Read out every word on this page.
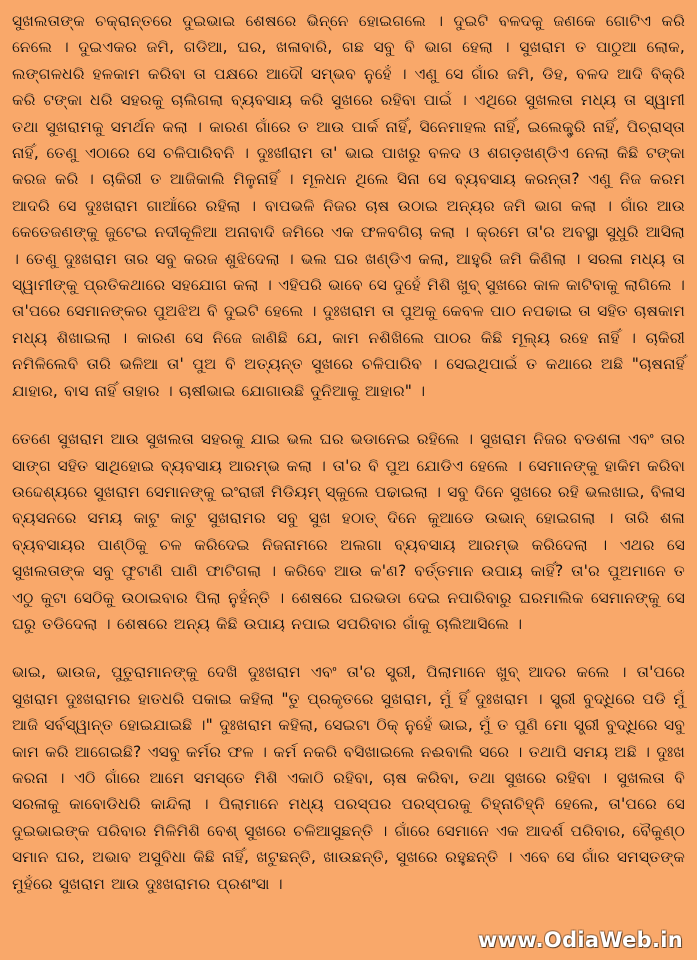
ସୁଖଲତାଙ୍କ ଚକ୍ରାନ୍ତରେ ଦୁଇଭାଇ ଶେଷରେ ଭିନ୍ନେ ହୋଇଗଲେ । ଦୁଇଟି ବଳଦକୁ ଜଣକେ ଗୋଟିଏ କରି ନେଲେ । ଦୁଇଏକର ଜମି, ଗଡିଆ, ଘର, ଖଳାବାରି, ଗଛ ସବୁ ବି ଭାଗ ହେଲା । ସୁଖରାମ ତ ପାଠୁଆ ଲୋକ, ଲଙ୍ଗଳଧରି ହଳକାମ କରିବା ତା ପକ୍ଷରେ ଆଦୌ ସମ୍ଭବ ନୁହେଁ । ଏଣୁ ସେ ଗାଁର ଜମି, ଡିହ, ବଳଦ ଆଦି ବିକ୍ରି କରି ଟଙ୍କା ଧରି ସହରକୁ ଚାଲିଗଲା ବ୍ୟବସାୟ କରି ସୁଖରେ ରହିବା ପାଇଁ । ଏଥିରେ ସୁଖଲତା ମଧ୍ୟ ତା ସ୍ୱାମୀ ତଥା ସୁଖରାମକୁ ସମର୍ଥନ କଲା । କାରଣ ଗାଁରେ ତ ଆଉ ପାର୍କ ନାହିଁ, ସିନେମାହଲ ନାହିଁ, ଇଲେକ୍ଟ୍ରି ନାହିଁ, ପିଚ୍‌ରାସ୍ତା ନାହିଁ, ତେଣୁ ଏଠାରେ ସେ ଚଳିପାରିବନି । ଦୁଃଖୀରାମ ତା' ଭାଇ ପାଖରୁ ବଳଦ ଓ ଶଗଡ଼ଖଣ୍ଡିଏ ନେଲା କିଛି ଟଙ୍କା କରଜ କରି । ଚାକିରୀ ତ ଆଜିକାଲି ମିଳୁନାହିଁ । ମୂଳଧନ ଥିଲେ ସିନା ସେ ବ୍ୟବସାୟ କରନ୍ତା? ଏଣୁ ନିଜ କରମ ଆଦରି ସେ ଦୁଃଖରାମ ଗାଆଁରେ ରହିଲା । ବାପଭଳି ନିଜର ଚାଷ ଉଠାଇ ଅନ୍ୟର ଜମି ଭାଗ କଲା । ଗାଁର ଆଉ କେତେଜଣଙ୍କୁ ଜୁଟେଇ ନଦୀକୂଳିଆ ଅନାବାଦି ଜମିରେ ଏକ ଫଳବଗିଚା କଲା । କ୍ରମେ ତା'ର ଅବସ୍ଥା ସୁଧୁରି ଆସିଲା । ତେଣୁ ଦୁଃଖରାମ ତାର ସବୁ କରଜ ଶୁଝିଦେଲା । ଭଲ ଘର ଖଣ୍ଡିଏ କଲା, ଆହୁରି ଜମି କିଣିଲା । ସରଳା ମଧ୍ୟ ତା ସ୍ୱାମୀଙ୍କୁ ପ୍ରତିକଥାରେ ସହଯୋଗ କଲା । ଏହିପରି ଭାବେ ସେ ଦୁହେଁ ମିଶି ଖୁବ୍ ସୁଖରେ କାଳ କାଟିବାକୁ ଲାଗିଲେ । ତା'ପରେ ସେମାନଙ୍କର ପୁଅଝିଅ ବି ଦୁଇଟି ହେଲେ । ଦୁଃଖରାମ ତା ପୁଅକୁ କେବଳ ପାଠ ନପଢାଇ ତା ସହିତ ଚାଷକାମ ମଧ୍ୟ ଶିଖାଇଲା । କାରଣ ସେ ନିଜେ ଜାଣିଛି ଯେ, କାମ ନଶିଖିଲେ ପାଠର କିଛି ମୂଲ୍ୟ ରହେ ନାହିଁ । ଚାକିରୀ ନମିଳିଲେବି ତାରି ଭଳିଆ ତା' ପୁଅ ବି ଅତ୍ୟନ୍ତ ସୁଖରେ ଚଳିପାରିବ । ସେଇଥିପାଇଁ ତ କଥାରେ ଅଛି "ଚାଷନାହିଁ ଯାହାର, ବାସ ନାହିଁ ତାହାର । ଚାଷୀଭାଇ ଯୋଗାଉଛି ଦୁନିଆକୁ ଆହାର" ।

ତେଣେ ସୁଖରାମ ଆଉ ସୁଖଲତା ସହରକୁ ଯାଇ ଭଲ ଘର ଭଡାନେଇ ରହିଲେ । ସୁଖରାମ ନିଜର ବଡଶଳା ଏବଂ ତାର ସାଙ୍ଗ ସହିତ ସାଥିହୋଇ ବ୍ୟବସାୟ ଆରମ୍ଭ କଲା । ତା'ର ବି ପୁଅ ଯୋଡିଏ ହେଲେ । ସେମାନଙ୍କୁ ହାକିମ କରିବା ଉଦ୍ଦେଶ୍ୟରେ ସୁଖରାମ ସେମାନଙ୍କୁ ଇଂରାଜୀ ମିଡିୟମ୍ ସ୍କୁଲେ ପଢାଇଲା । ସବୁ ଦିନେ ସୁଖରେ ରହି ଭଲଖାଇ, ବିଳାସ ବ୍ୟସନରେ ସମୟ କାଟୁ କାଟୁ ସୁଖରାମର ସବୁ ସୁଖ ହଠାତ୍ ଦିନେ କୁଆଡେ ଉଭାନ୍ ହୋଇଗଲା । ତାରି ଶଳା ବ୍ୟବସାୟର ପାଣ୍ଠିକୁ ଚଳ କରିଦେଇ ନିଜନାମରେ ଅଲଗା ବ୍ୟବସାୟ ଆରମ୍ଭ କରିଦେଲା । ଏଥର ସେ ସୁଖଲତାଙ୍କ ସବୁ ଫୁଟାଣି ପାଣି ଫାଟିଗଲା । କରିବେ ଆଉ କ'ଣ? ବର୍ତ୍ତମାନ ଉପାୟ କାହିଁ? ତା'ର ପୁଅମାନେ ତ ଏଠୁ କୁଟା ସେଠିକୁ ଉଠାଇବାର ପିଲା ନୁହଁନ୍ତି । ଶେଷରେ ଘରଭଡା ଦେଇ ନପାରିବାରୁ ଘରମାଲିକ ସେମାନଙ୍କୁ ସେ ଘରୁ ତଡିଦେଲା । ଶେଷରେ ଅନ୍ୟ କିଛି ଉପାୟ ନପାଇ ସପରିବାର ଗାଁକୁ ଚାଲିଆସିଲେ ।

ଭାଇ, ଭାଉଜ, ପୁତୁରାମାନଙ୍କୁ ଦେଖି ଦୁଃଖରାମ ଏବଂ ତା'ର ସ୍ତ୍ରୀ, ପିଲାମାନେ ଖୁବ୍ ଆଦର କଲେ । ତା'ପରେ ସୁଖରାମ ଦୁଃଖରାମର ହାତଧରି ପକାଇ କହିଲା "ତୁ ପ୍ରକୃତରେ ସୁଖରାମ, ମୁଁ ହିଁ ଦୁଃଖରାମ । ସ୍ତ୍ରୀ ବୁଦ୍ଧିରେ ପଡି ମୁଁ ଆଜି ସର୍ବସ୍ୱାନ୍ତ ହୋଇଯାଇଛି ।" ଦୁଃଖରାମ କହିଲା, ସେଇଟା ଠିକ୍ ନୁହେଁ ଭାଇ, ମୁଁ ତ ପୁଣି ମୋ ସ୍ତ୍ରୀ ବୁଦ୍ଧିରେ ସବୁ କାମ କରି ଆଗେଇଛି? ଏସବୁ କର୍ମର ଫଳ । କର୍ମ ନକରି ବସିଖାଇଲେ ନଈବାଲି ସରେ । ତଥାପି ସମୟ ଅଛି । ଦୁଃଖ କରନା । ଏଠି ଗାଁରେ ଆମେ ସମସ୍ତେ ମିଶି ଏକାଠି ରହିବା, ଚାଷ କରିବା, ତଥା ସୁଖରେ ରହିବା । ସୁଖଲତା ବି ସରଳାକୁ କାବୋଡିଧରି କାନ୍ଦିଲା । ପିଲାମାନେ ମଧ୍ୟ ପରସ୍ପର ପରସ୍ପରକୁ ଚିହ୍ନାଚିହ୍ନି ହେଲେ, ତା'ପରେ ସେ ଦୁଇଭାଇଙ୍କ ପରିବାର ମିଳିମିଶି ବେଶ୍ ସୁଖରେ ଚଳିଆସୁଛନ୍ତି । ଗାଁରେ ସେମାନେ ଏକ ଆଦର୍ଶ ପରିବାର, ବୈକୁଣ୍ଠ ସମାନ ଘର, ଅଭାବ ଅସୁବିଧା କିଛି ନାହିଁ, ଖଟୁଛନ୍ତି, ଖାଉଛନ୍ତି, ସୁଖରେ ରହୁଛନ୍ତି । ଏବେ ସେ ଗାଁର ସମସ୍ତଙ୍କ ମୁହଁରେ ସୁଖରାମ ଆଉ ଦୁଃଖରାମର ପ୍ରଶଂସା ।

www.OdiaWeb.in
